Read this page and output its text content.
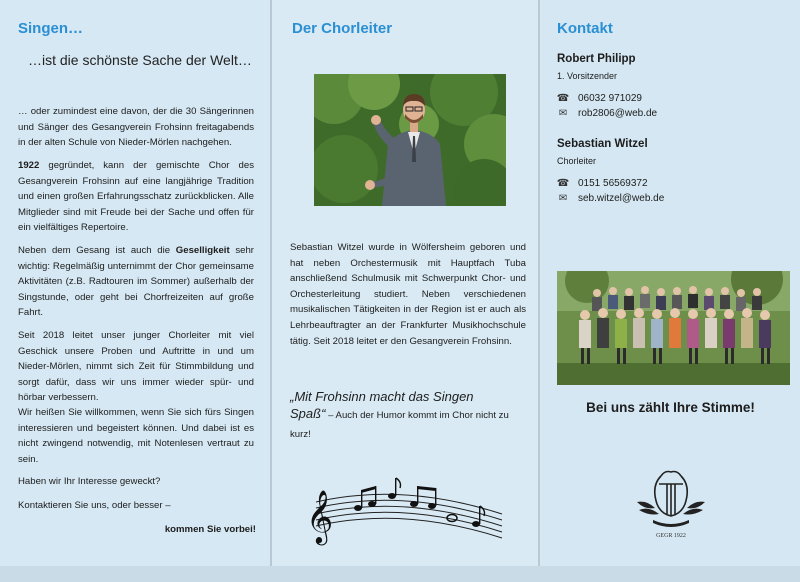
Singen…
…ist die schönste Sache der Welt…
… oder zumindest eine davon, der die 30 Sängerinnen und Sänger des Gesangverein Frohsinn freitagabends in der alten Schule von Nieder-Mörlen nachgehen.
1922 gegründet, kann der gemischte Chor des Gesangverein Frohsinn auf eine langjährige Tradition und einen großen Erfahrungsschatz zurückblicken. Alle Mitglieder sind mit Freude bei der Sache und offen für ein vielfältiges Repertoire.
Neben dem Gesang ist auch die Geselligkeit sehr wichtig: Regelmäßig unternimmt der Chor gemeinsame Aktivitäten (z.B. Radtouren im Sommer) außerhalb der Singstunde, oder geht bei Chorfreizeiten auf große Fahrt.
Seit 2018 leitet unser junger Chorleiter mit viel Geschick unsere Proben und Auftritte in und um Nieder-Mörlen, nimmt sich Zeit für Stimmbildung und sorgt dafür, dass wir uns immer wieder spür- und hörbar verbessern.
Wir heißen Sie willkommen, wenn Sie sich fürs Singen interessieren und begeistert können. Und dabei ist es nicht zwingend notwendig, mit Notenlesen vertraut zu sein.
Haben wir Ihr Interesse geweckt?
Kontaktieren Sie uns, oder besser –
kommen Sie vorbei!
Der Chorleiter
Sebastian Witzel wurde in Wölfersheim geboren und hat neben Orchestermusik mit Hauptfach Tuba anschließend Schulmusik mit Schwerpunkt Chor- und Orchesterleitung studiert. Neben verschiedenen musikalischen Tätigkeiten in der Region ist er auch als Lehrbeauftragter an der Frankfurter Musikhochschule tätig. Seit 2018 leitet er den Gesangverein Frohsinn.
„Mit Frohsinn macht das Singen
Spaß“ – Auch der Humor kommt im Chor nicht zu kurz!
𝄞
Kontakt
Robert Philipp
1. Vorsitzender
☎ 06032 971029
✉ rob2806@web.de
Sebastian Witzel
Chorleiter
☎ 0151 56569372
✉ seb.witzel@web.de
Bei uns zählt Ihre Stimme!
GEGR 1922
